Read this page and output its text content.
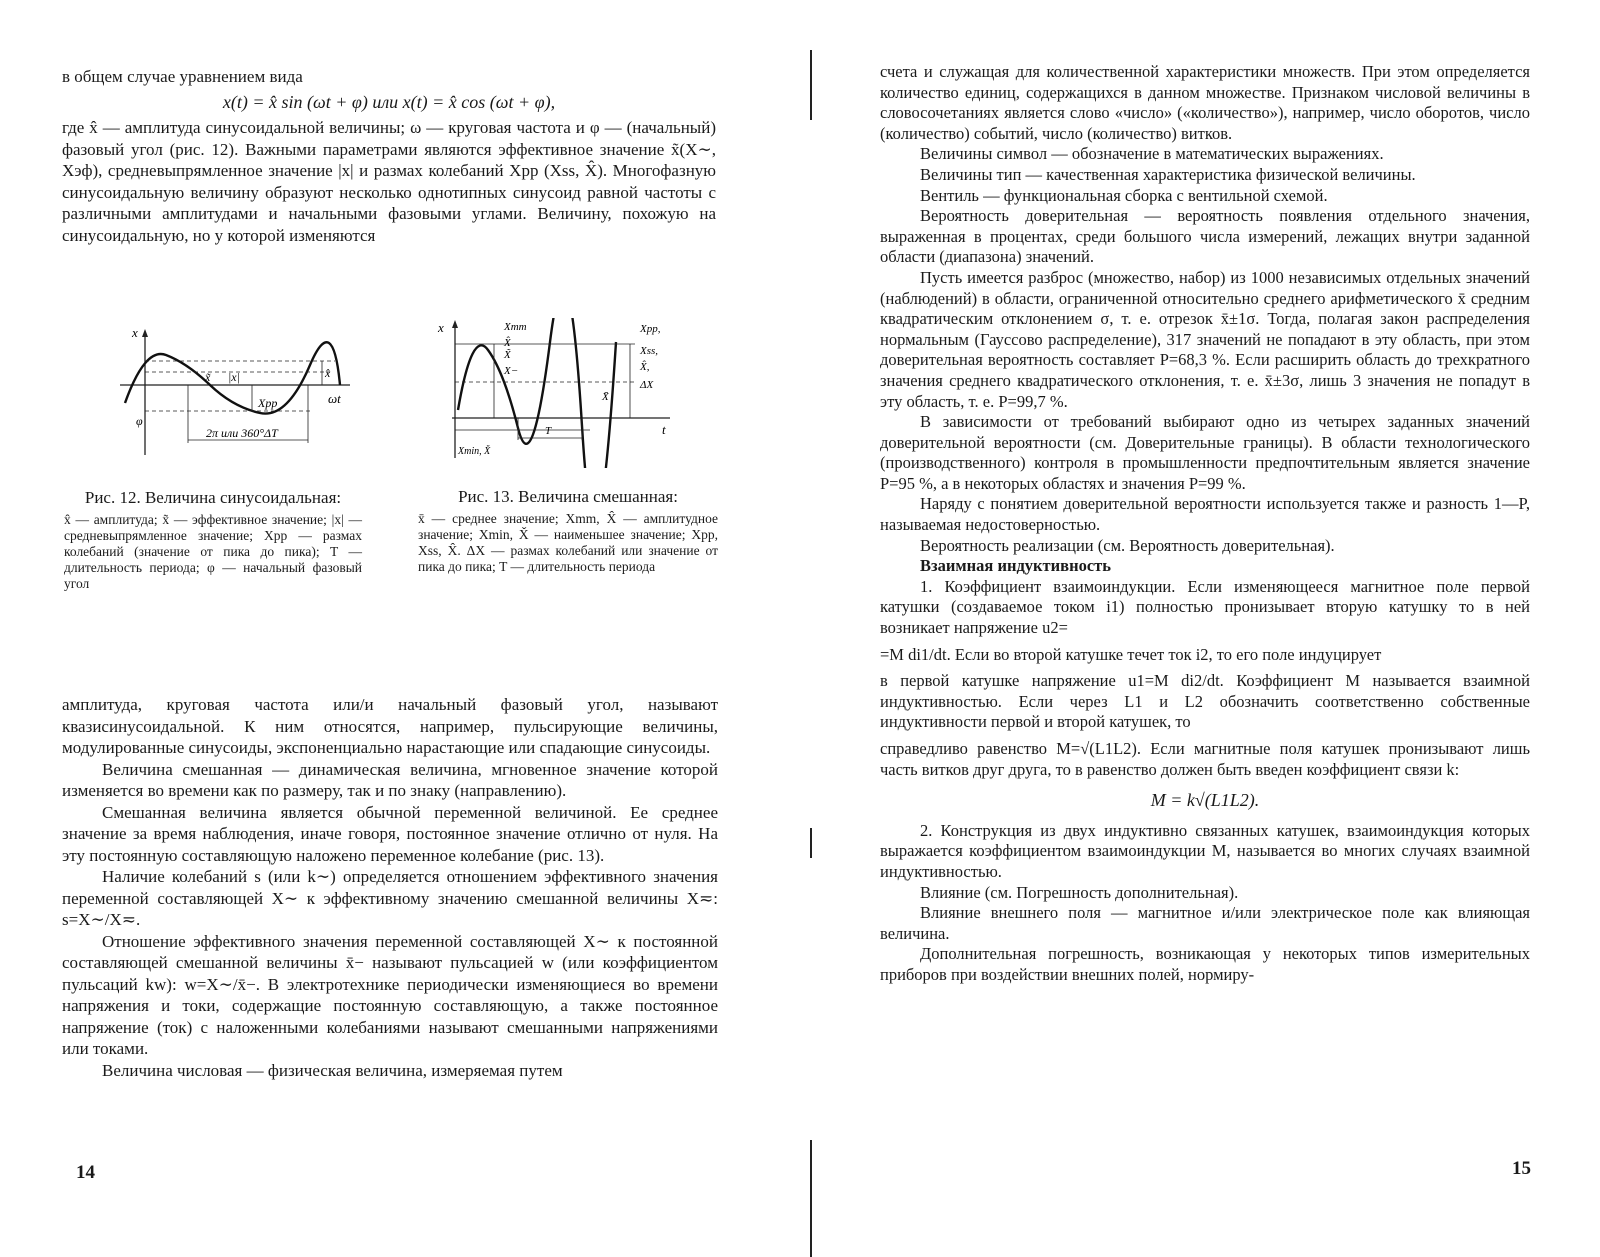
в общем случае уравнением вида

x(t) = x̂ sin (ωt + φ) или x(t) = x̂ cos (ωt + φ),

где x̂ — амплитуда синусоидальной величины; ω — круговая частота и φ — (начальный) фазовый угол (рис. 12). Важными параметрами являются эффективное значение x̃(X∼, Xэф), средневыпрямленное значение |x| и размах колебаний Xpp (Xss, X̂). Многофазную синусоидальную величину образуют несколько однотипных синусоид равной частоты с различными амплитудами и начальными фазовыми углами. Величину, похожую на синусоидальную, но у которой изменяются

x
ωt
x̂
x̃ |x|
Xpp
φ
2π или 360°ΔT
Рис. 12. Величина синусоидальная:
x̂ — амплитуда; x̃ — эффективное значение; |x| — средневыпрямленное значение; Xpp — размах колебаний (значение от пика до пика); T — длительность периода; φ — начальный фазовый угол
x
t
Xmm
X̂
X̃
X−
X̄
Xpp,
Xss,
X̂,
ΔX
T
Xmin, X̌
Рис. 13. Величина смешанная:
x̄ — среднее значение; Xmm, X̂ — амплитудное значение; Xmin, X̌ — наименьшее значение; Xpp, Xss, X̂. ΔX — размах колебаний или значение от пика до пика; T — длительность периода

амплитуда, круговая частота или/и начальный фазовый угол, называют квазисинусоидальной. К ним относятся, например, пульсирующие величины, модулированные синусоиды, экспоненциально нарастающие или спадающие синусоиды.

Величина смешанная — динамическая величина, мгновенное значение которой изменяется во времени как по размеру, так и по знаку (направлению).

Смешанная величина является обычной переменной величиной. Ее среднее значение за время наблюдения, иначе говоря, постоянное значение отлично от нуля. На эту постоянную составляющую наложено переменное колебание (рис. 13).

Наличие колебаний s (или k∼) определяется отношением эффективного значения переменной составляющей X∼ к эффективному значению смешанной величины X≂: s=X∼/X≂.

Отношение эффективного значения переменной составляющей X∼ к постоянной составляющей смешанной величины x̄− называют пульсацией w (или коэффициентом пульсаций kw): w=X∼/x̄−. В электротехнике периодически изменяющиеся во времени напряжения и токи, содержащие постоянную составляющую, а также постоянное напряжение (ток) с наложенными колебаниями называют смешанными напряжениями или токами.

Величина числовая — физическая величина, измеряемая путем

14

счета и служащая для количественной характеристики множеств. При этом определяется количество единиц, содержащихся в данном множестве. Признаком числовой величины в словосочетаниях является слово «число» («количество»), например, число оборотов, число (количество) событий, число (количество) витков.

Величины символ — обозначение в математических выражениях.

Величины тип — качественная характеристика физической величины.

Вентиль — функциональная сборка с вентильной схемой.

Вероятность доверительная — вероятность появления отдельного значения, выраженная в процентах, среди большого числа измерений, лежащих внутри заданной области (диапазона) значений.

Пусть имеется разброс (множество, набор) из 1000 независимых отдельных значений (наблюдений) в области, ограниченной относительно среднего арифметического x̄ средним квадратическим отклонением σ, т. е. отрезок x̄±1σ. Тогда, полагая закон распределения нормальным (Гауссово распределение), 317 значений не попадают в эту область, при этом доверительная вероятность составляет P=68,3 %. Если расширить область до трехкратного значения среднего квадратического отклонения, т. е. x̄±3σ, лишь 3 значения не попадут в эту область, т. е. P=99,7 %.

В зависимости от требований выбирают одно из четырех заданных значений доверительной вероятности (см. Доверительные границы). В области технологического (производственного) контроля в промышленности предпочтительным является значение P=95 %, а в некоторых областях и значения P=99 %.

Наряду с понятием доверительной вероятности используется также и разность 1—P, называемая недостоверностью.

Вероятность реализации (см. Вероятность доверительная).

Взаимная индуктивность

1. Коэффициент взаимоиндукции. Если изменяющееся магнитное поле первой катушки (создаваемое током i1) полностью пронизывает вторую катушку то в ней возникает напряжение u2=

=M di1/dt. Если во второй катушке течет ток i2, то его поле индуцирует

в первой катушке напряжение u1=M di2/dt. Коэффициент M называется взаимной индуктивностью. Если через L1 и L2 обозначить соответственно собственные индуктивности первой и второй катушек, то

справедливо равенство M=√(L1L2). Если магнитные поля катушек пронизывают лишь часть витков друг друга, то в равенство должен быть введен коэффициент связи k:

M = k√(L1L2).

2. Конструкция из двух индуктивно связанных катушек, взаимоиндукция которых выражается коэффициентом взаимоиндукции M, называется во многих случаях взаимной индуктивностью.

Влияние (см. Погрешность дополнительная).

Влияние внешнего поля — магнитное и/или электрическое поле как влияющая величина.

Дополнительная погрешность, возникающая у некоторых типов измерительных приборов при воздействии внешних полей, нормиру-

15
